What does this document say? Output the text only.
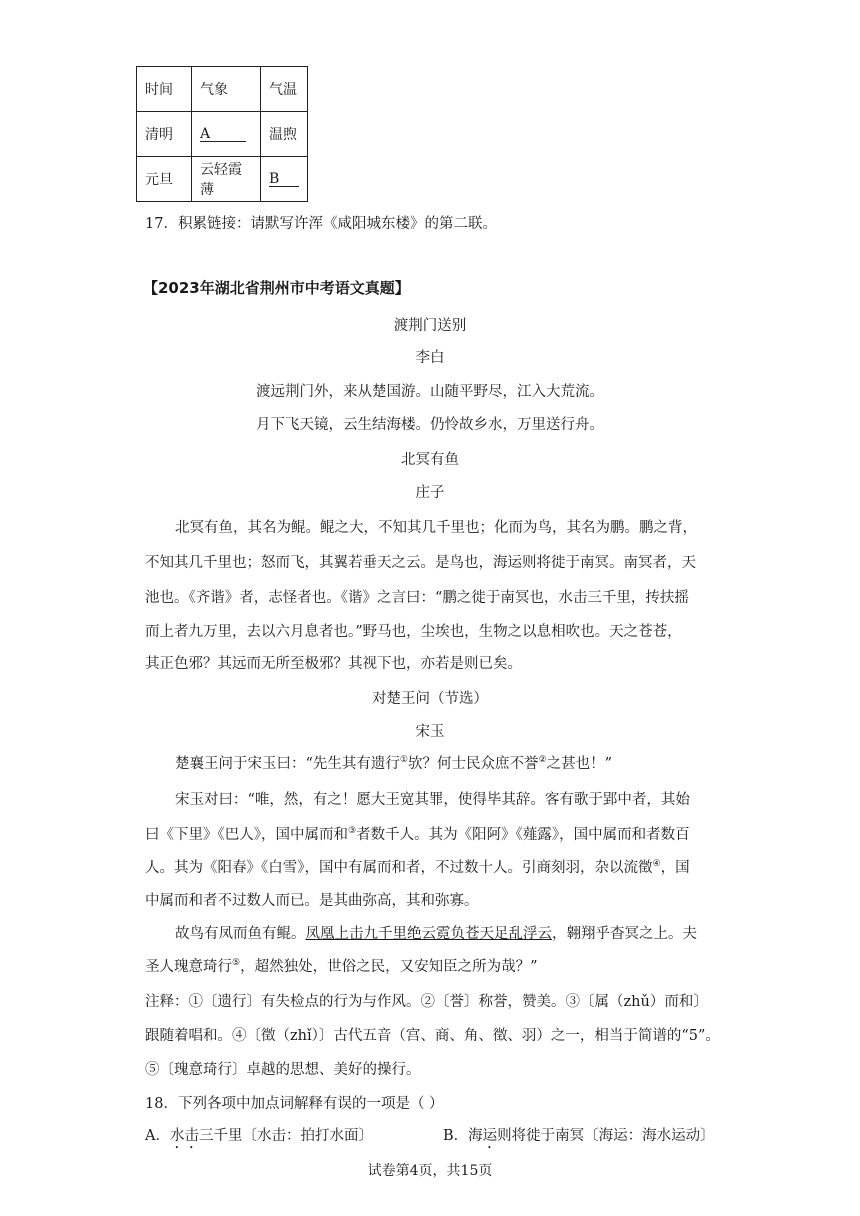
时间	气象	气温
清明	A	温煦
元旦	云轻霞薄	B
17．积累链接：请默写许浑《咸阳城东楼》的第二联。
【2023年湖北省荆州市中考语文真题】
渡荆门送别
李白
渡远荆门外，来从楚国游。山随平野尽，江入大荒流。
月下飞天镜，云生结海楼。仍怜故乡水，万里送行舟。
北冥有鱼
庄子
北冥有鱼，其名为鲲。鲲之大，不知其几千里也；化而为鸟，其名为鹏。鹏之背，
不知其几千里也；怒而飞，其翼若垂天之云。是鸟也，海运则将徙于南冥。南冥者，天
池也。《齐谐》者，志怪者也。《谐》之言曰：“鹏之徙于南冥也，水击三千里，抟扶摇
而上者九万里，去以六月息者也。”野马也，尘埃也，生物之以息相吹也。天之苍苍，
其正色邪？其远而无所至极邪？其视下也，亦若是则已矣。
对楚王问（节选）
宋玉
楚襄王问于宋玉曰：“先生其有遗行①欤？何士民众庶不誉②之甚也！”
宋玉对曰：“唯，然，有之！愿大王宽其罪，使得毕其辞。客有歌于郢中者，其始
曰《下里》《巴人》，国中属而和③者数千人。其为《阳阿》《薤露》，国中属而和者数百
人。其为《阳春》《白雪》，国中有属而和者，不过数十人。引商刻羽，杂以流徵④，国
中属而和者不过数人而已。是其曲弥高，其和弥寡。
故鸟有凤而鱼有鲲。凤凰上击九千里绝云霓负苍天足乱浮云，翱翔乎杳冥之上。夫
圣人瑰意琦行⑤，超然独处，世俗之民，又安知臣之所为哉？”
注释：①〔遗行〕有失检点的行为与作风。②〔誉〕称誉，赞美。③〔属（zhǔ）而和〕
跟随着唱和。④〔徵（zhǐ）〕古代五音（宫、商、角、徵、羽）之一，相当于简谱的“5”。
⑤〔瑰意琦行〕卓越的思想、美好的操行。
18．下列各项中加点词解释有误的一项是（ ）
A．水击三千里〔水击：拍打水面〕	B．海运则将徙于南冥〔海运：海水运动〕
试卷第4页，共15页
